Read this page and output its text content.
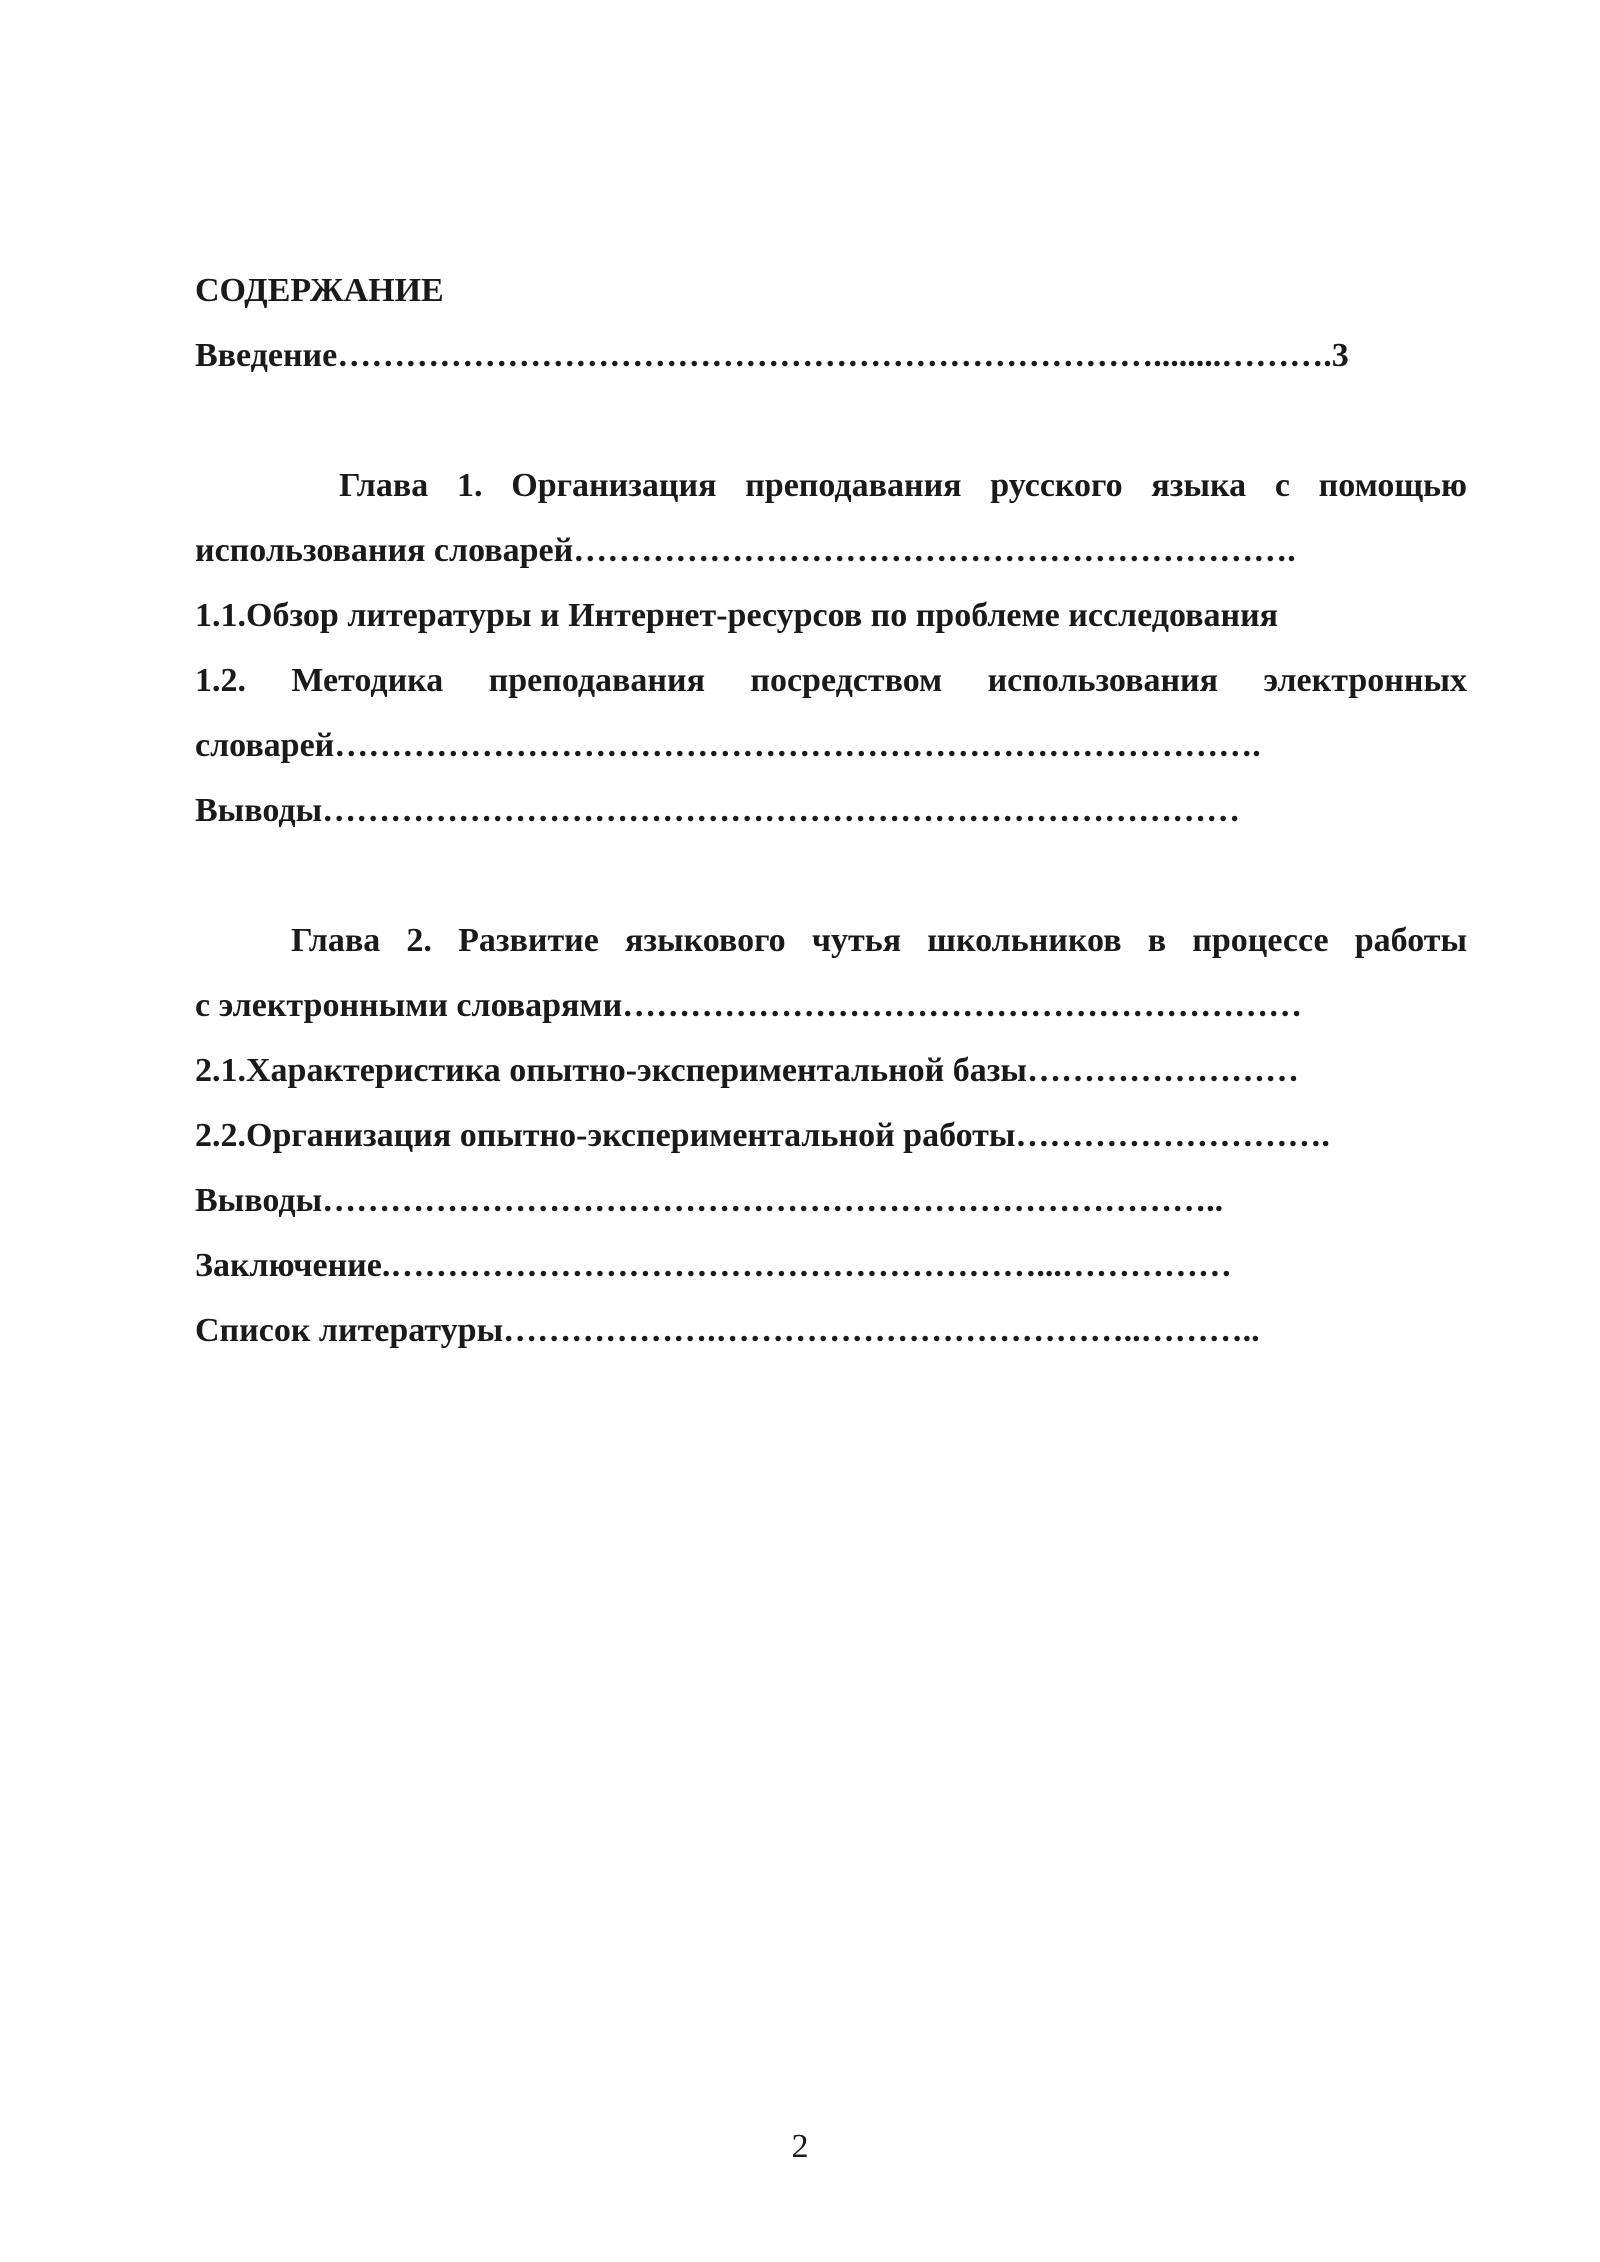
СОДЕРЖАНИЕ
Введение………………………………………………………………........……….3
Глава 1. Организация преподавания русского языка с помощью
использования словарей……………………………………………………….
1.1.Обзор литературы и Интернет-ресурсов по проблеме исследования
1.2. Методика преподавания посредством использования электронных
словарей……………………………………………………………………….
Выводы………………………………………………………………………
Глава 2. Развитие языкового чутья школьников в процессе работы
с электронными словарями……………………………………………………
2.1.Характеристика опытно-экспериментальной базы……………………
2.2.Организация опытно-экспериментальной работы……………………….
Выводы……………………………………………………………………..
Заключение.…………………………………………………...……………
Список литературы……………….………………………………..………..
2
